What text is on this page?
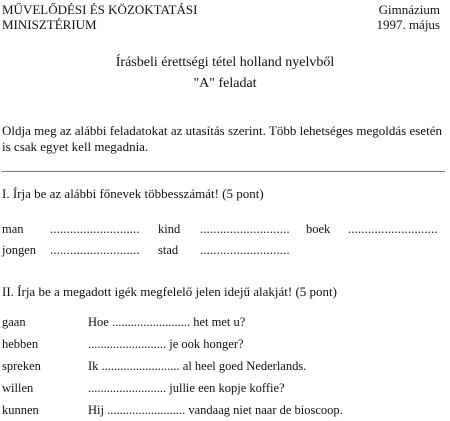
MŰVELŐDÉSI ÉS KÖZOKTATÁSI
MINISZTÉRIUM
Gimnázium
1997. május
Írásbeli érettségi tétel holland nyelvből
"A" feladat
Oldja meg az alábbi feladatokat az utasítás szerint. Több lehetséges megoldás esetén is csak egyet kell megadnia.
I. Írja be az alábbi főnevek többesszámát! (5 pont)
man ........................... kind ........................... boek ...........................
jongen ........................... stad ...........................
II. Írja be a megadott igék megfelelő jelen idejű alakját! (5 pont)
gaan	Hoe ......................... het met u?
hebben	......................... je ook honger?
spreken	Ik ......................... al heel goed Nederlands.
willen	......................... jullie een kopje koffie?
kunnen	Hij ......................... vandaag niet naar de bioscoop.
